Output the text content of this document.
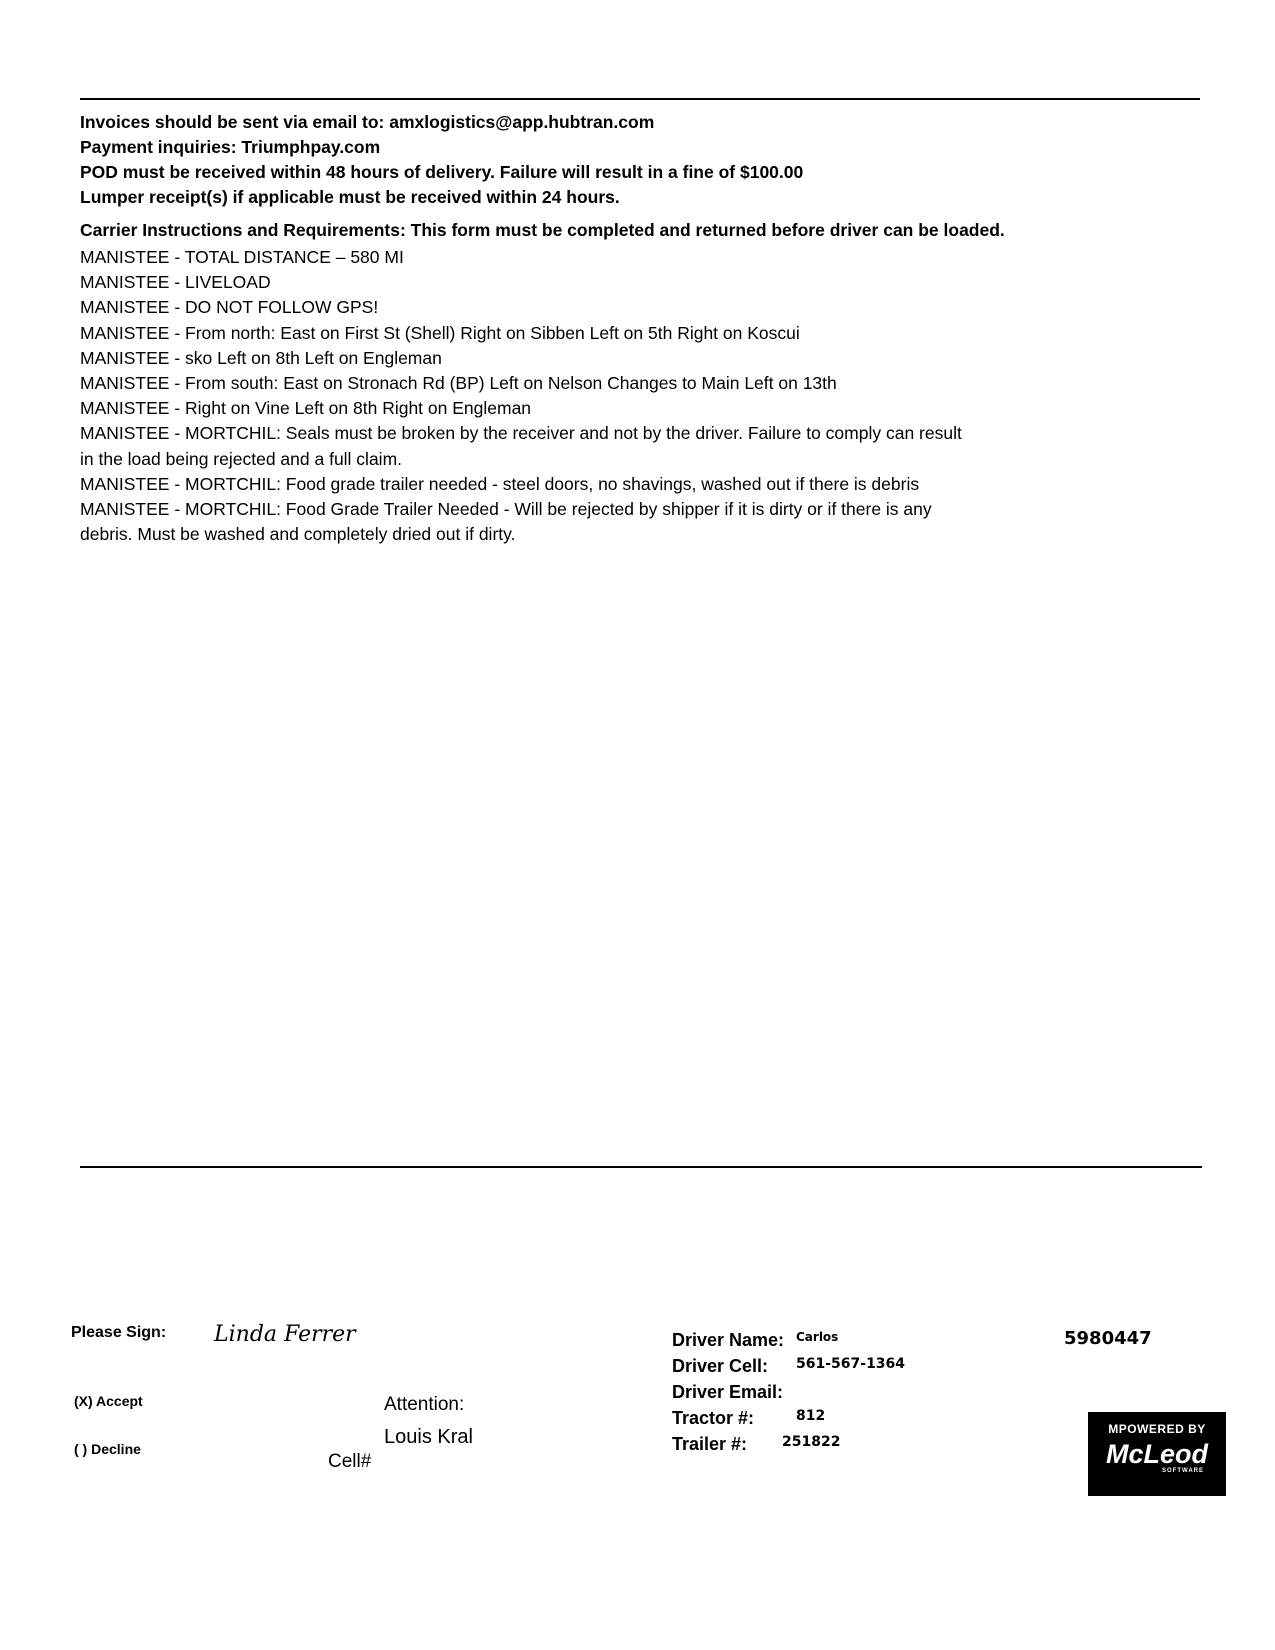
Invoices should be sent via email to: amxlogistics@app.hubtran.com
Payment inquiries: Triumphpay.com
POD must be received within 48 hours of delivery. Failure will result in a fine of $100.00
Lumper receipt(s) if applicable must be received within 24 hours.
Carrier Instructions and Requirements: This form must be completed and returned before driver can be loaded.
MANISTEE - TOTAL DISTANCE – 580 MI
MANISTEE - LIVELOAD
MANISTEE - DO NOT FOLLOW GPS!
MANISTEE - From north: East on First St (Shell) Right on Sibben Left on 5th Right on Koscui
MANISTEE - sko Left on 8th Left on Engleman
MANISTEE - From south: East on Stronach Rd (BP) Left on Nelson Changes to Main Left on 13th
MANISTEE - Right on Vine Left on 8th Right on Engleman
MANISTEE - MORTCHIL: Seals must be broken by the receiver and not by the driver. Failure to comply can result
in the load being rejected and a full claim.
MANISTEE - MORTCHIL: Food grade trailer needed - steel doors, no shavings, washed out if there is debris
MANISTEE - MORTCHIL: Food Grade Trailer Needed - Will be rejected by shipper if it is dirty or if there is any
debris. Must be washed and completely dried out if dirty.
Please Sign: Linda Ferrer
(X) Accept
( ) Decline
Attention:
Louis Kral
Cell#
Driver Name: Carlos
Driver Cell: 561-567-1364
Driver Email:
Tractor #:	812
Trailer #: 251822
5980447
MPOWERED BY
McLeod
SOFTWARE
